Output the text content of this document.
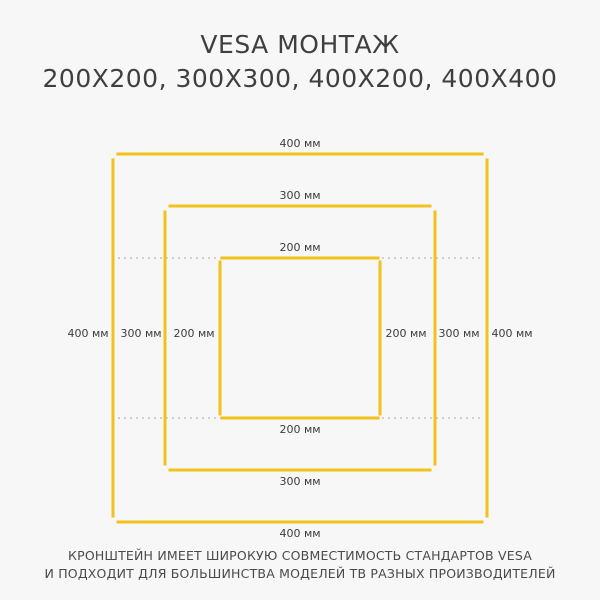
VESA МОНТАЖ
200X200, 300X300, 400X200, 400X400
400 мм
400 мм
400 мм	400 мм
300 мм
300 мм
300 мм	300 мм
200 мм
200 мм
200 мм	200 мм
КРОНШТЕЙН ИМЕЕТ ШИРОКУЮ СОВМЕСТИМОСТЬ СТАНДАРТОВ VESA
И ПОДХОДИТ ДЛЯ БОЛЬШИНСТВА МОДЕЛЕЙ ТВ РАЗНЫХ ПРОИЗВОДИТЕЛЕЙ
